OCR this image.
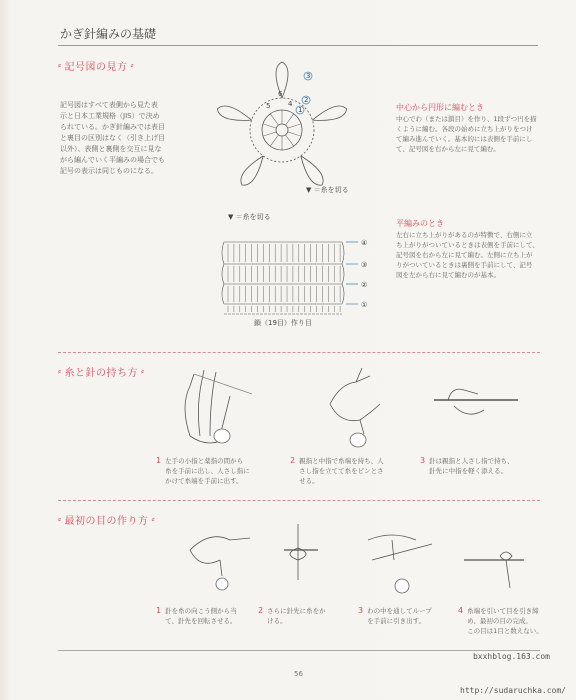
かぎ針編みの基礎
⸗ 記号図の見方 ⸗
記号図はすべて表側から見た表
示と日本工業規格（JIS）で決め
られている。かぎ針編みでは表目
と裏目の区別はなく（引き上げ目
以外）、表側と裏側を交互に見な
がら編んでいく平編みの場合でも
記号の表示は同じものになる。
6
5	4
3
2
1
▼ ＝糸を切る
中心から円形に編むとき
中心でわ（または鎖目）を作り、1段ずつ円を描
くように編む。各段の始めに立ち上がりをつけ
て編み進んでいく。基本的には表側を手前にし
て、記号図を右から左に見て編む。
▼ ＝糸を切る
④
③
②
①
鎖（19目）作り目
平編みのとき
左右に立ち上がりがあるのが特徴で、右側に立
ち上がりがついているときは表側を手前にして、
記号図を右から左に見て編む。左側に立ち上が
りがついているときは裏側を手前にして、記号
図を左から右に見て編むのが基本。
⸗ 糸と針の持ち方 ⸗
1 左手の小指と薬指の間から
糸を手前に出し、人さし指に
かけて糸端を手前に出す。
2 親指と中指で糸端を持ち、人
さし指を立てて糸をピンとさ
せる。
3 針は親指と人さし指で持ち、
針先に中指を軽く添える。
⸗ 最初の目の作り方 ⸗
1 針を糸の向こう側から当
て、針先を回転させる。
2 さらに針先に糸をか
ける。
3 わの中を通してループ
を手前に引き出す。
4 糸端を引いて目を引き締
め、最初の目の完成。
この目は1目と数えない。
56
bxxhblog.163.com
http://sudaruchka.com/
